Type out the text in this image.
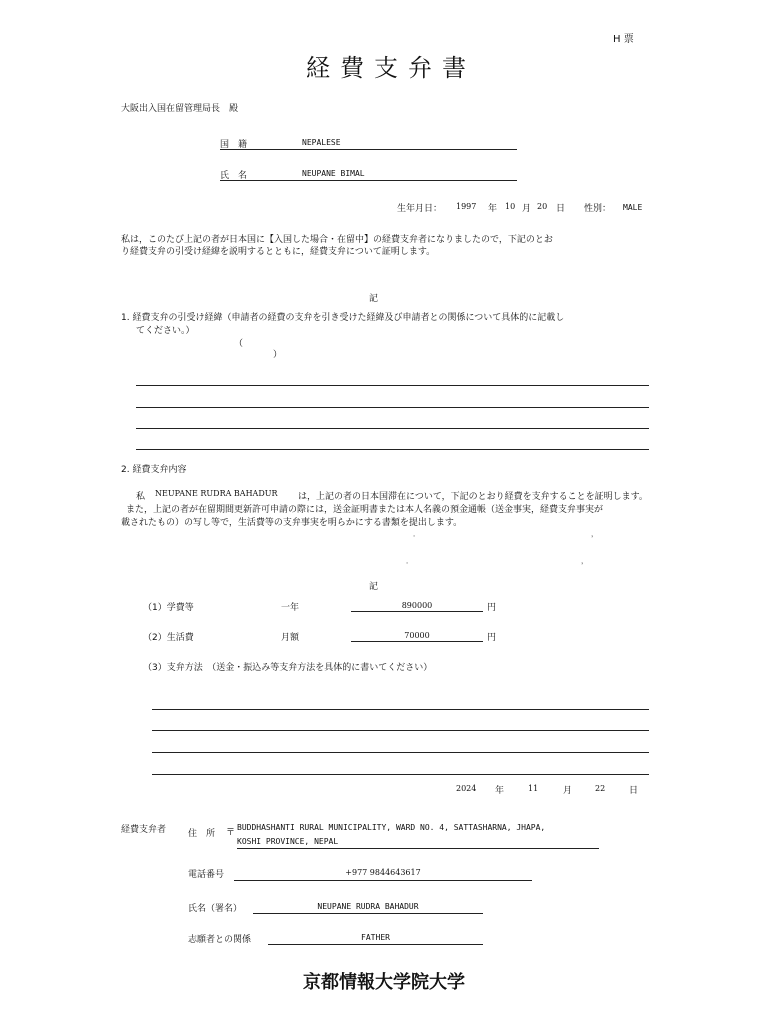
H 票
経費支弁書
大阪出入国在留管理局長　殿
国　籍	NEPALESE
氏　名	NEUPANE BIMAL
生年月日： 1997 年 10 月 20 日 性別： MALE
私は，このたび上記の者が日本国に【入国した場合・在留中】の経費支弁者になりましたので，下記のとお
り経費支弁の引受け経緯を説明するとともに，経費支弁について証明します。
記
1. 経費支弁の引受け経緯（申請者の経費の支弁を引き受けた経緯及び申請者との関係について具体的に記載し
てください。）
（
）
2. 経費支弁内容
私 NEUPANE RUDRA BAHADUR は，上記の者の日本国滞在について，下記のとおり経費を支弁することを証明します。
また，上記の者が在留期間更新許可申請の際には，送金証明書または本人名義の預金通帳（送金事実，経費支弁事実が
載されたもの）の写し等で，生活費等の支弁事実を明らかにする書類を提出します。
．	，
．	，
記
（1）学費等	一年	890000	円
（2）生活費	月額	70000	円
（3）支弁方法　（送金・振込み等支弁方法を具体的に書いてください）
2024 年	11	月	22	日
経費支弁者 住　所 〒
BUDDHASHANTI RURAL MUNICIPALITY, WARD NO. 4, SATTASHARNA, JHAPA,
KOSHI PROVINCE, NEPAL
電話番号	+977 9844643617
氏名（署名）	NEUPANE RUDRA BAHADUR
志願者との関係	FATHER
京都情報大学院大学
